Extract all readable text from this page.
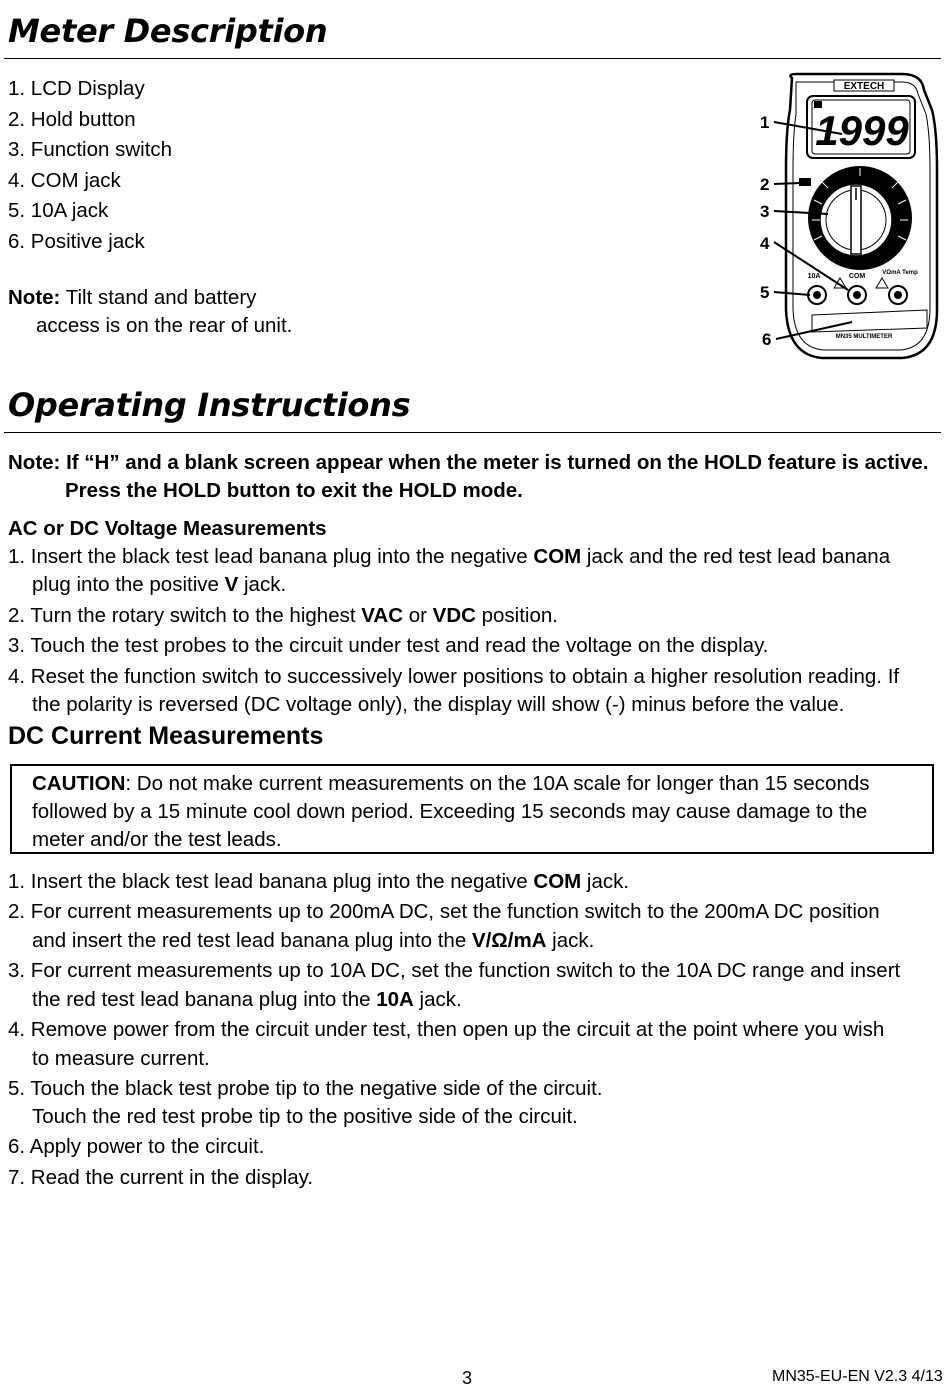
Meter Description
1. LCD Display
2. Hold button
3. Function switch
4. COM jack
5. 10A jack
6. Positive jack
Note: Tilt stand and battery
access is on the rear of unit.
EXTECH
1999
10A	COM	VΩmA Temp
MN35 MULTIMETER
1
2
3
4
5
6
Operating Instructions
Note: If “H” and a blank screen appear when the meter is turned on the HOLD feature is active.
Press the HOLD button to exit the HOLD mode.
AC or DC Voltage Measurements
1. Insert the black test lead banana plug into the negative COM jack and the red test lead banana
plug into the positive V jack.
2. Turn the rotary switch to the highest VAC or VDC position.
3. Touch the test probes to the circuit under test and read the voltage on the display.
4. Reset the function switch to successively lower positions to obtain a higher resolution reading. If
the polarity is reversed (DC voltage only), the display will show (-) minus before the value.
DC Current Measurements

CAUTION: Do not make current measurements on the 10A scale for longer than 15 seconds

followed by a 15 minute cool down period. Exceeding 15 seconds may cause damage to the

meter and/or the test leads.

1. Insert the black test lead banana plug into the negative COM jack.
2. For current measurements up to 200mA DC, set the function switch to the 200mA DC position
and insert the red test lead banana plug into the V/Ω/mA jack.
3. For current measurements up to 10A DC, set the function switch to the 10A DC range and insert
the red test lead banana plug into the 10A jack.
4. Remove power from the circuit under test, then open up the circuit at the point where you wish
to measure current.
5. Touch the black test probe tip to the negative side of the circuit.
Touch the red test probe tip to the positive side of the circuit.
6. Apply power to the circuit.
7. Read the current in the display.
3	MN35-EU-EN V2.3 4/13
